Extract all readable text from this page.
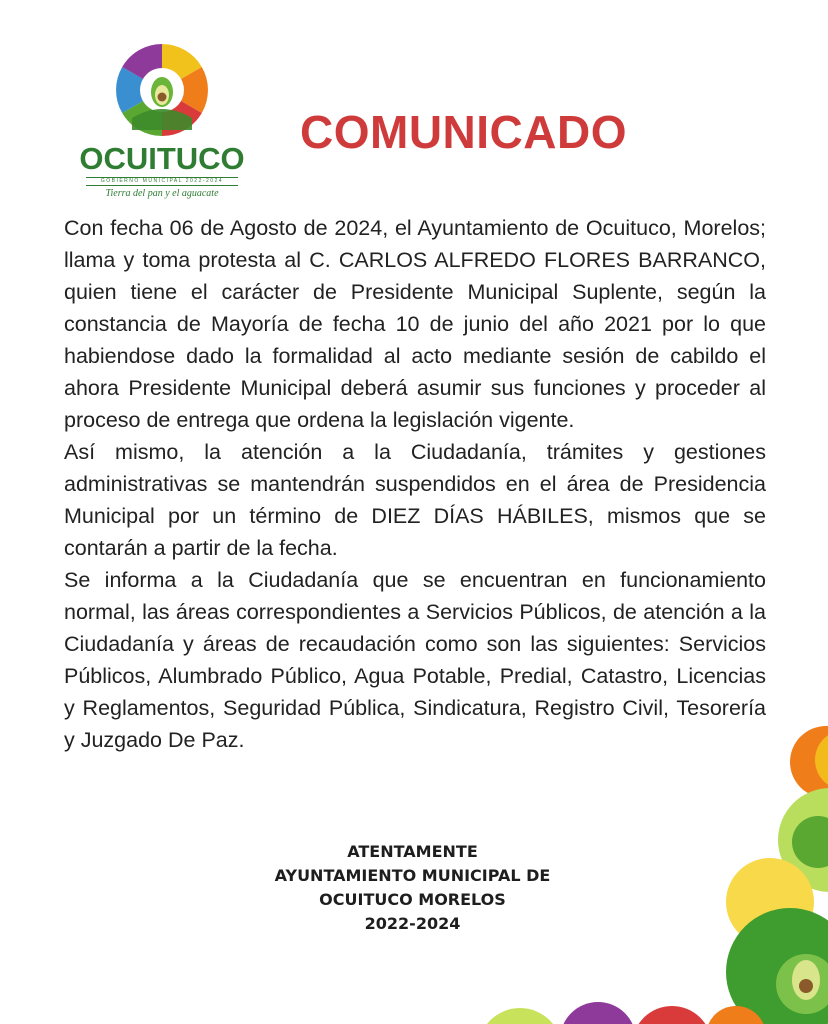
OCUITUCO
GOBIERNO MUNICIPAL 2022-2024
Tierra del pan y el aguacate
COMUNICADO

Con fecha 06 de Agosto de 2024, el Ayuntamiento de Ocuituco, Morelos; llama y toma protesta al C. CARLOS ALFREDO FLORES BARRANCO, quien tiene el carácter de Presidente Municipal Suplente, según la constancia de Mayoría de fecha 10 de junio del año 2021 por lo que habiendose dado la formalidad al acto mediante sesión de cabildo el ahora Presidente Municipal deberá asumir sus funciones y proceder al proceso de entrega que ordena la legislación vigente.

Así mismo, la atención a la Ciudadanía, trámites y gestiones administrativas se mantendrán suspendidos en el área de Presidencia Municipal por un término de DIEZ DÍAS HÁBILES, mismos que se contarán a partir de la fecha.

Se informa a la Ciudadanía que se encuentran en funcionamiento normal, las áreas correspondientes a Servicios Públicos, de atención a la Ciudadanía y áreas de recaudación como son las siguientes: Servicios Públicos, Alumbrado Público, Agua Potable, Predial, Catastro, Licencias y Reglamentos, Seguridad Pública, Sindicatura, Registro Civil, Tesorería y Juzgado De Paz.

ATENTAMENTE
AYUNTAMIENTO MUNICIPAL DE
OCUITUCO MORELOS
2022-2024
